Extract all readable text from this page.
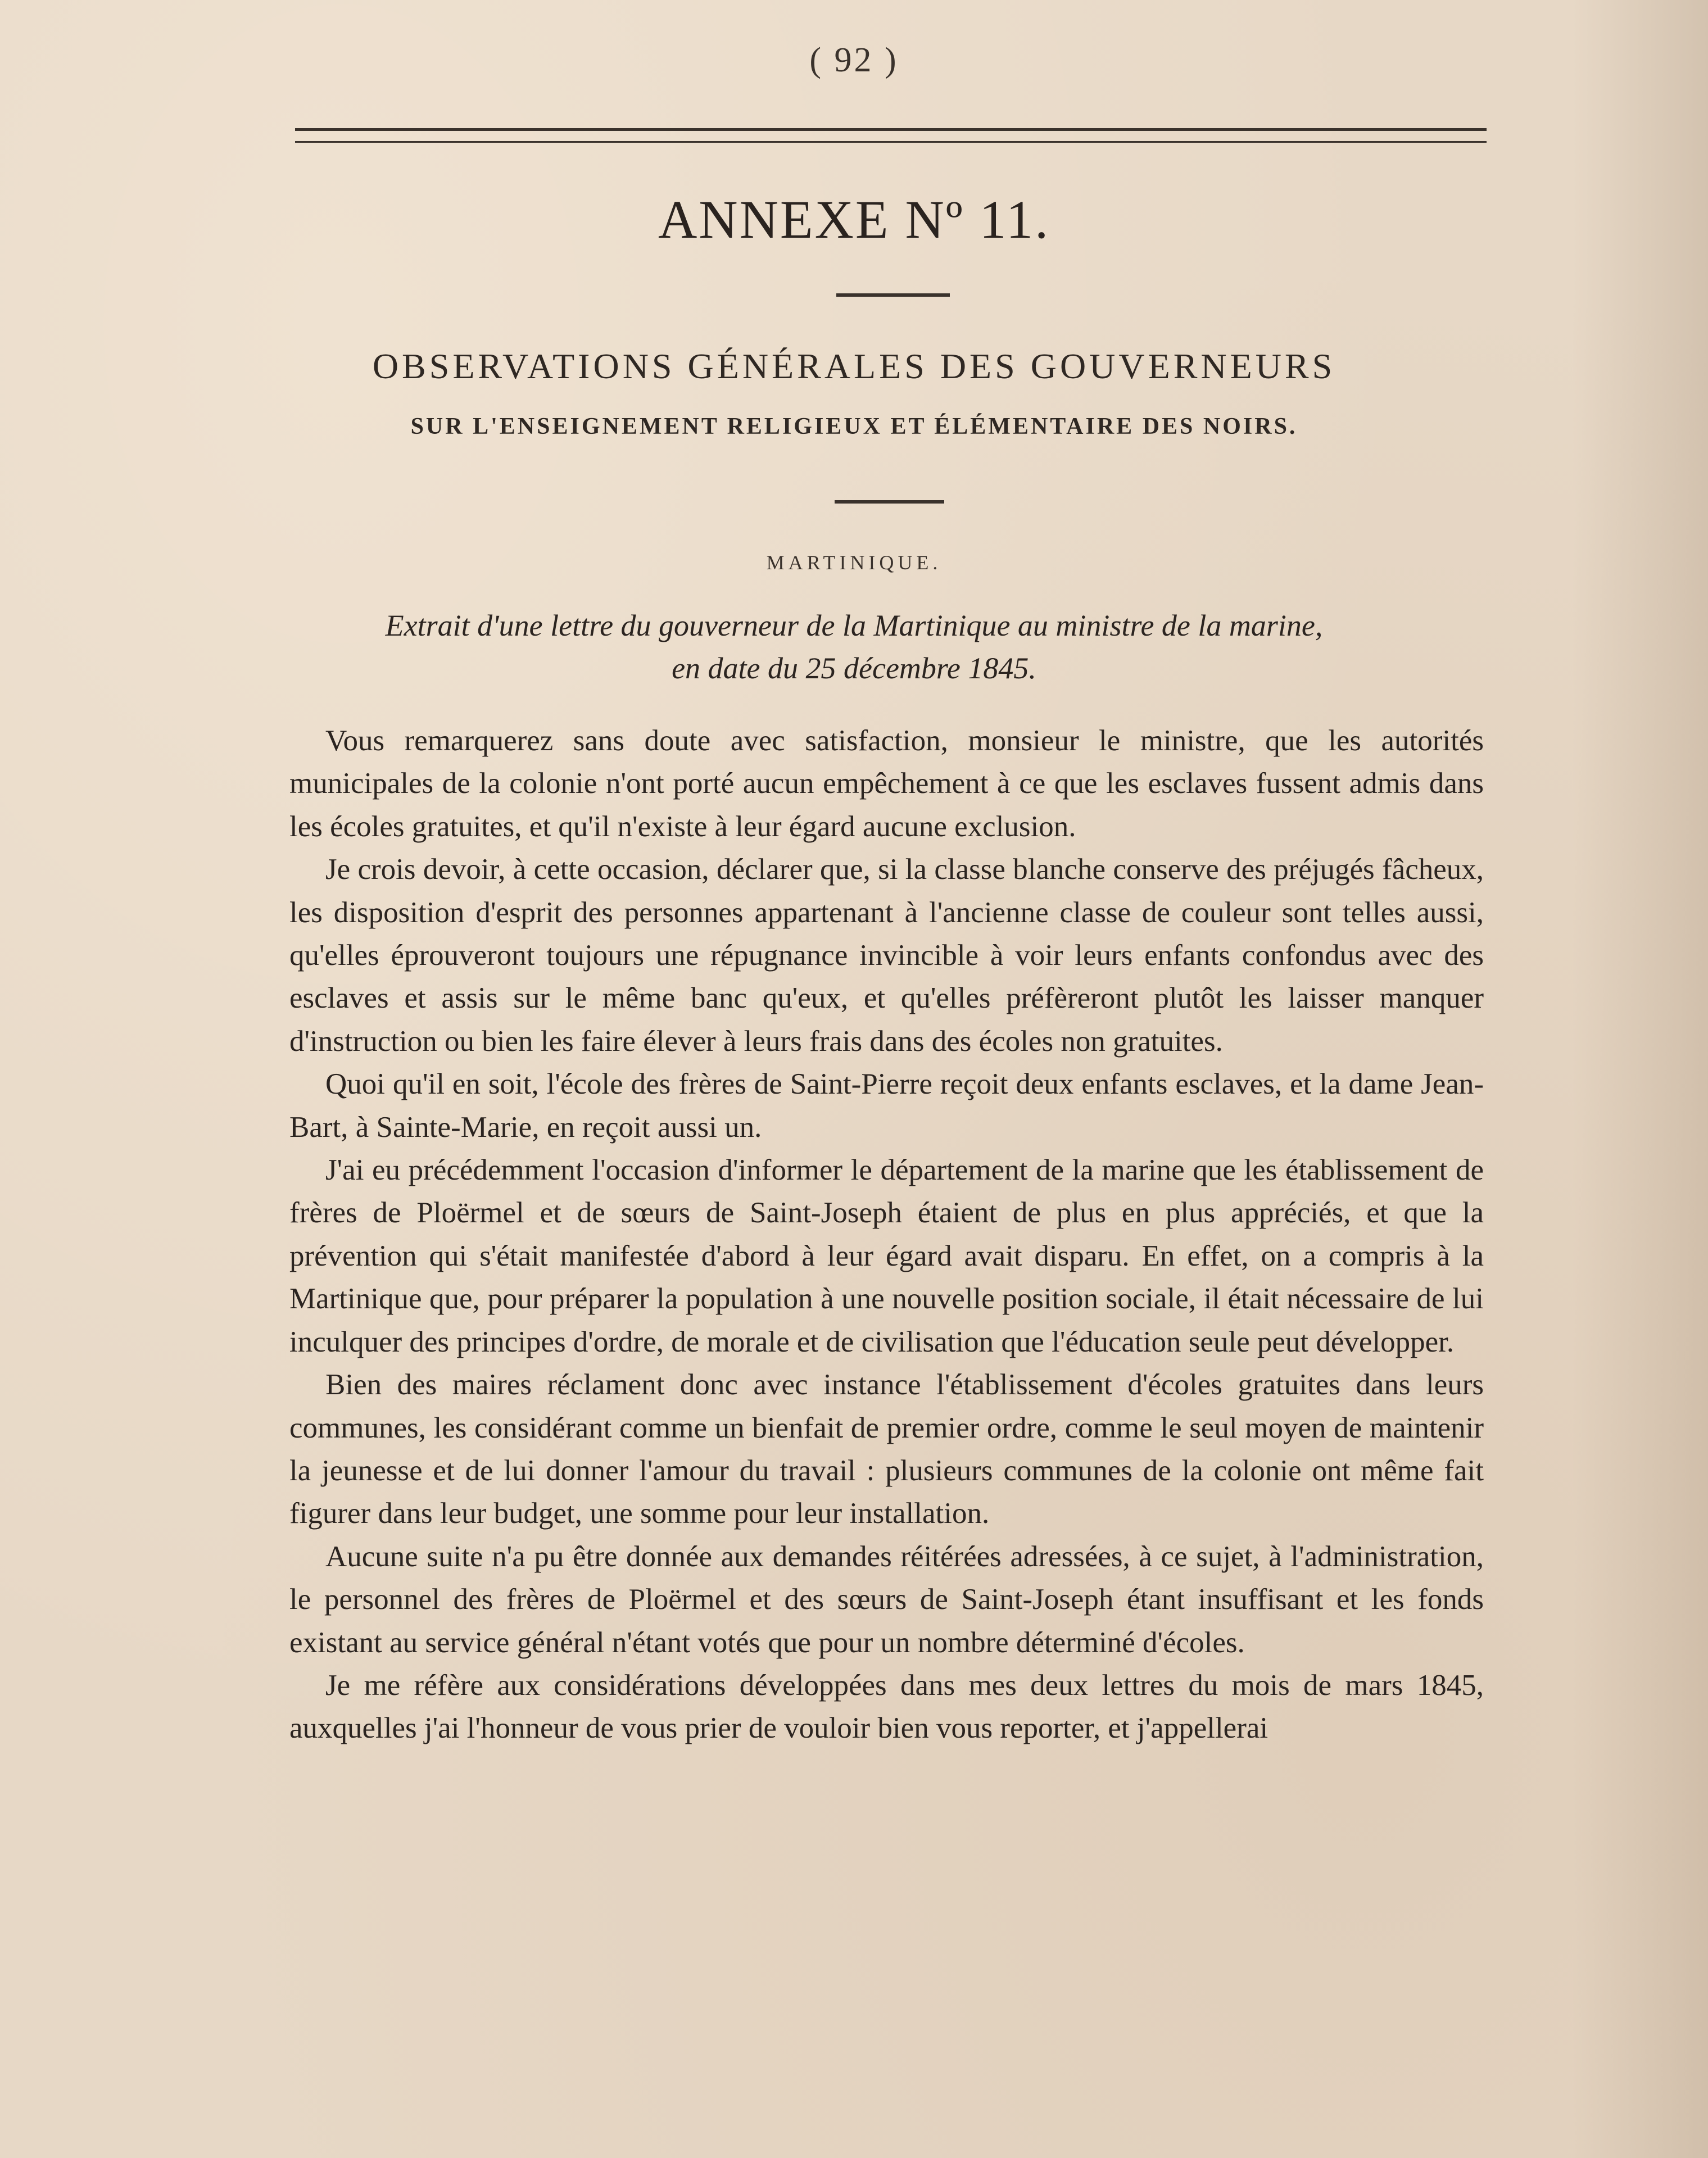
( 92 )
ANNEXE Nº 11.
OBSERVATIONS GÉNÉRALES DES GOUVERNEURS
SUR L'ENSEIGNEMENT RELIGIEUX ET ÉLÉMENTAIRE DES NOIRS.
MARTINIQUE.
Extrait d'une lettre du gouverneur de la Martinique au ministre de la marine,
en date du 25 décembre 1845.

Vous remarquerez sans doute avec satisfaction, monsieur le ministre, que les autorités municipales de la colonie n'ont porté aucun empêchement à ce que les esclaves fussent admis dans les écoles gratuites, et qu'il n'existe à leur égard aucune exclusion.

Je crois devoir, à cette occasion, déclarer que, si la classe blanche conserve des préjugés fâcheux, les disposition d'esprit des personnes appartenant à l'ancienne classe de couleur sont telles aussi, qu'elles éprouveront toujours une répugnance invincible à voir leurs enfants confondus avec des esclaves et assis sur le même banc qu'eux, et qu'elles préfèreront plutôt les laisser manquer d'instruction ou bien les faire élever à leurs frais dans des écoles non gratuites.

Quoi qu'il en soit, l'école des frères de Saint-Pierre reçoit deux enfants esclaves, et la dame Jean-Bart, à Sainte-Marie, en reçoit aussi un.

J'ai eu précédemment l'occasion d'informer le département de la marine que les établissement de frères de Ploërmel et de sœurs de Saint-Joseph étaient de plus en plus appréciés, et que la prévention qui s'était manifestée d'abord à leur égard avait disparu. En effet, on a compris à la Martinique que, pour préparer la population à une nouvelle position sociale, il était nécessaire de lui inculquer des principes d'ordre, de morale et de civilisation que l'éducation seule peut développer.

Bien des maires réclament donc avec instance l'établissement d'écoles gratuites dans leurs communes, les considérant comme un bienfait de premier ordre, comme le seul moyen de maintenir la jeunesse et de lui donner l'amour du travail : plusieurs communes de la colonie ont même fait figurer dans leur budget, une somme pour leur installation.

Aucune suite n'a pu être donnée aux demandes réitérées adressées, à ce sujet, à l'administration, le personnel des frères de Ploërmel et des sœurs de Saint-Joseph étant insuffisant et les fonds existant au service général n'étant votés que pour un nombre déterminé d'écoles.

Je me réfère aux considérations développées dans mes deux lettres du mois de mars 1845, auxquelles j'ai l'honneur de vous prier de vouloir bien vous reporter, et j'appellerai
